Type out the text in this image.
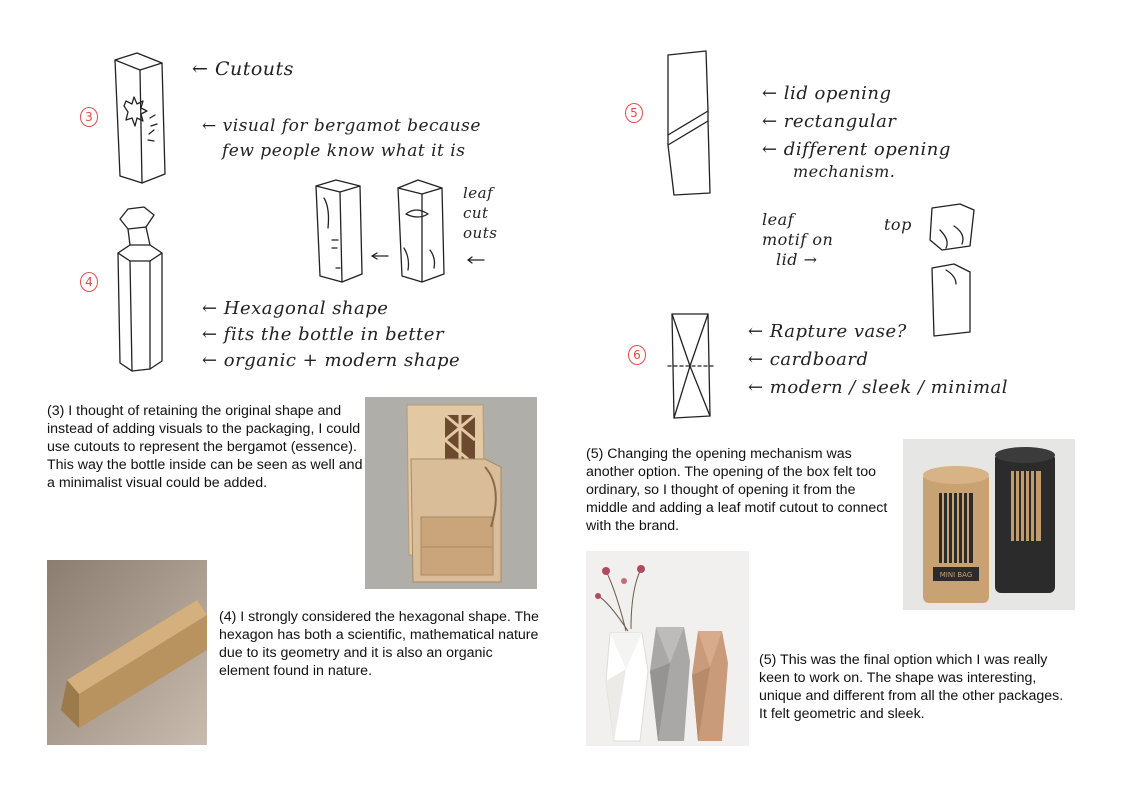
3
← Cutouts
← visual for bergamot because
few people know what it is
leaf
cut
outs
4
← Hexagonal shape
← fits the bottle in better
← organic + modern shape
(3) I thought of retaining the original shape and instead of adding visuals to the packaging, I could use cutouts to represent the bergamot (essence). This way the bottle inside can be seen as well and a minimalist visual could be added.
(4) I strongly considered the hexagonal shape. The hexagon has both a scientific, mathematical nature due to its geometry and it is also an organic element found in nature.
5
← lid opening
← rectangular
← different opening
mechanism.
leaf
motif on
lid →
top
6
← Rapture vase?
← cardboard
← modern / sleek / minimal
(5) Changing the opening mechanism was another option. The opening of the box felt too ordinary, so I thought of opening it from the middle and adding a leaf motif cutout to connect with the brand.
MINI BAG
(5) This was the final option which I was really keen to work on. The shape was interesting, unique and different from all the other packages. It felt geometric and sleek.
